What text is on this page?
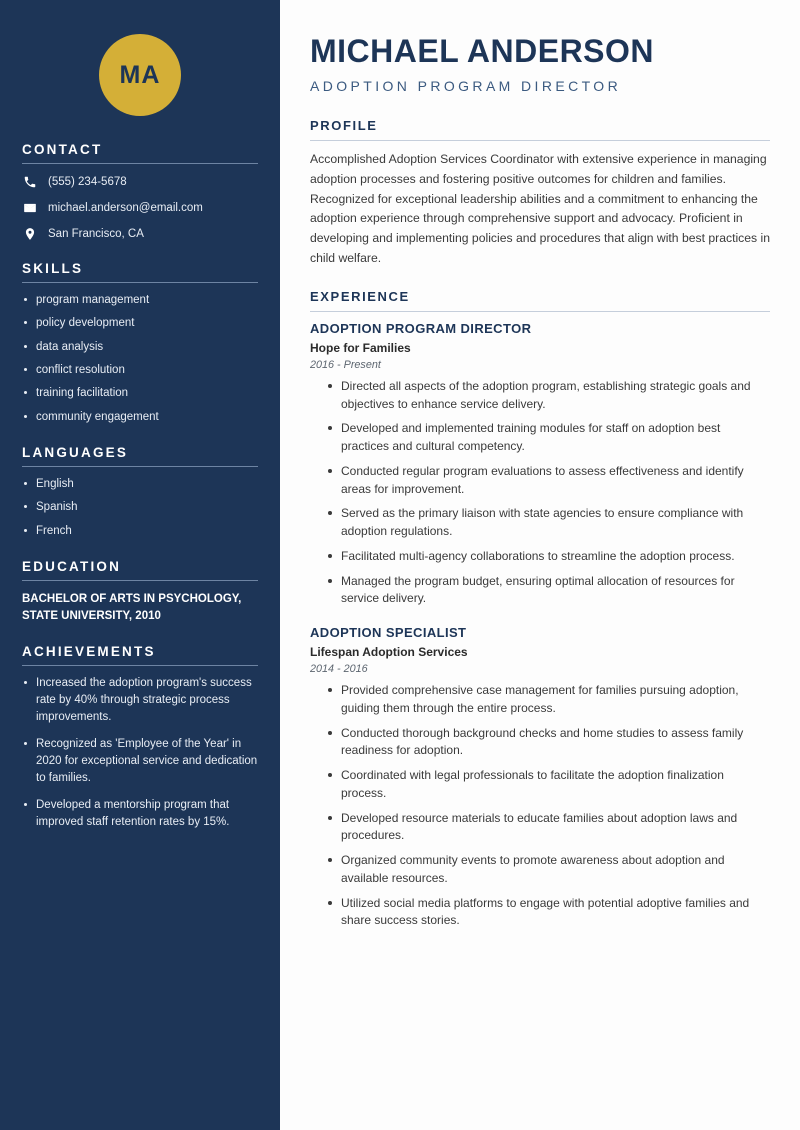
MA
CONTACT
(555) 234-5678
michael.anderson@email.com
San Francisco, CA
SKILLS
program management
policy development
data analysis
conflict resolution
training facilitation
community engagement
LANGUAGES
English
Spanish
French
EDUCATION
BACHELOR OF ARTS IN PSYCHOLOGY, STATE UNIVERSITY, 2010
ACHIEVEMENTS
Increased the adoption program's success rate by 40% through strategic process improvements.
Recognized as 'Employee of the Year' in 2020 for exceptional service and dedication to families.
Developed a mentorship program that improved staff retention rates by 15%.
MICHAEL ANDERSON
ADOPTION PROGRAM DIRECTOR
PROFILE

Accomplished Adoption Services Coordinator with extensive experience in managing adoption processes and fostering positive outcomes for children and families. Recognized for exceptional leadership abilities and a commitment to enhancing the adoption experience through comprehensive support and advocacy. Proficient in developing and implementing policies and procedures that align with best practices in child welfare.

EXPERIENCE
ADOPTION PROGRAM DIRECTOR
Hope for Families
2016 - Present
Directed all aspects of the adoption program, establishing strategic goals and objectives to enhance service delivery.
Developed and implemented training modules for staff on adoption best practices and cultural competency.
Conducted regular program evaluations to assess effectiveness and identify areas for improvement.
Served as the primary liaison with state agencies to ensure compliance with adoption regulations.
Facilitated multi-agency collaborations to streamline the adoption process.
Managed the program budget, ensuring optimal allocation of resources for service delivery.
ADOPTION SPECIALIST
Lifespan Adoption Services
2014 - 2016
Provided comprehensive case management for families pursuing adoption, guiding them through the entire process.
Conducted thorough background checks and home studies to assess family readiness for adoption.
Coordinated with legal professionals to facilitate the adoption finalization process.
Developed resource materials to educate families about adoption laws and procedures.
Organized community events to promote awareness about adoption and available resources.
Utilized social media platforms to engage with potential adoptive families and share success stories.
